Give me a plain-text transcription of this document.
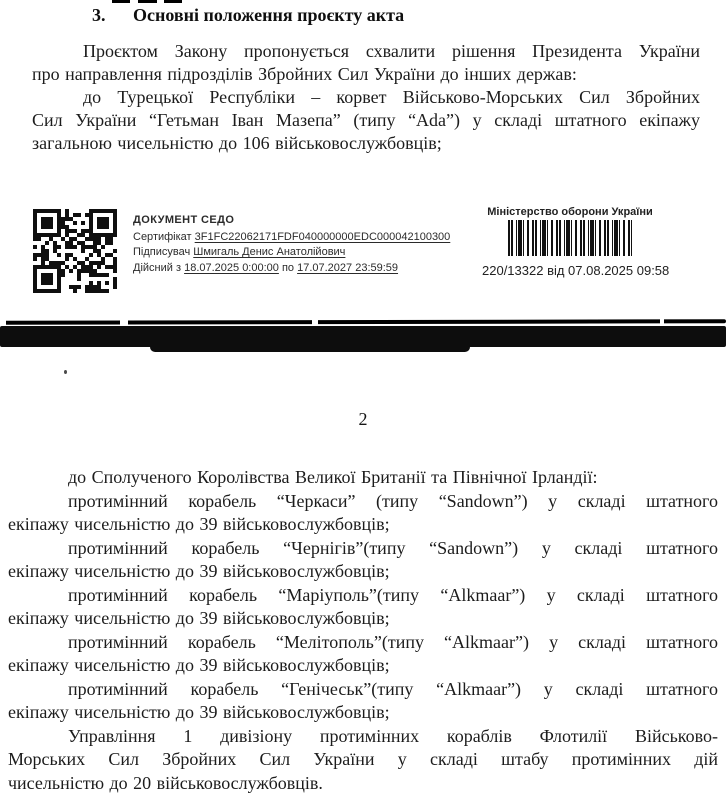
3. Основні положення проєкту акта
Проєктом Закону пропонується схвалити рішення Президента України
про направлення підрозділів Збройних Сил України до інших держав:
до Турецької Республіки – корвет Військово-Морських Сил Збройних
Сил України “Гетьман Іван Мазепа” (типу “Ada”) у складі штатного екіпажу
загальною чисельністю до 106 військовослужбовців;
ДОКУМЕНТ СЕДО
Сертифікат 3F1FC22062171FDF040000000EDC000042100300
Підписувач Шмигаль Денис Анатолійович
Дійсний з 18.07.2025 0:00:00 по 17.07.2027 23:59:59
Міністерство оборони України
220/13322 від 07.08.2025 09:58
2
до Сполученого Королівства Великої Британії та Північної Ірландії:
протимінний корабель “Черкаси” (типу “Sandown”) у складі штатного
екіпажу чисельністю до 39 військовослужбовців;
протимінний корабель “Чернігів”(типу “Sandown”) у складі штатного
екіпажу чисельністю до 39 військовослужбовців;
протимінний корабель “Маріуполь”(типу “Alkmaar”) у складі штатного
екіпажу чисельністю до 39 військовослужбовців;
протимінний корабель “Мелітополь”(типу “Alkmaar”) у складі штатного
екіпажу чисельністю до 39 військовослужбовців;
протимінний корабель “Генічеськ”(типу “Alkmaar”) у складі штатного
екіпажу чисельністю до 39 військовослужбовців;
Управління 1 дивізіону протимінних кораблів Флотилії Військово-
Морських Сил Збройних Сил України у складі штабу протимінних дій
чисельністю до 20 військовослужбовців.
